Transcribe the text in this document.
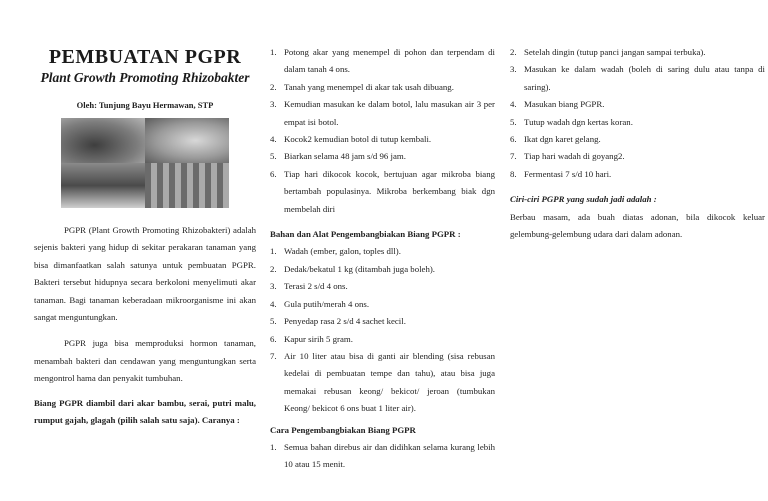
PEMBUATAN PGPR
Plant Growth Promoting Rhizobakter
Oleh: Tunjung Bayu Hermawan, STP

PGPR (Plant Growth Promoting Rhizobakteri) adalah sejenis bakteri yang hidup di sekitar perakaran tanaman yang bisa dimanfaatkan salah satunya untuk pembuatan PGPR. Bakteri tersebut hidupnya secara berkoloni menyelimuti akar tanaman. Bagi tanaman keberadaan mikroorganisme ini akan sangat menguntungkan.

PGPR juga bisa memproduksi hormon tanaman, menambah bakteri dan cendawan yang menguntungkan serta mengontrol hama dan penyakit tumbuhan.

Biang PGPR diambil dari akar bambu, serai, putri malu, rumput gajah, glagah (pilih salah satu saja). Caranya :

1. Potong akar yang menempel di pohon dan terpendam di dalam tanah 4 ons.
2. Tanah yang menempel di akar tak usah dibuang.
3. Kemudian masukan ke dalam botol, lalu masukan air 3 per empat isi botol.
4. Kocok2 kemudian botol di tutup kembali.
5. Biarkan selama 48 jam s/d 96 jam.
6. Tiap hari dikocok kocok, bertujuan agar mikroba biang bertambah populasinya. Mikroba berkembang biak dgn membelah diri
Bahan dan Alat Pengembangbiakan Biang PGPR :
1. Wadah (ember, galon, toples dll).
2. Dedak/bekatul 1 kg (ditambah juga boleh).
3. Terasi 2 s/d 4 ons.
4. Gula putih/merah 4 ons.
5. Penyedap rasa 2 s/d 4 sachet kecil.
6. Kapur sirih 5 gram.
7. Air 10 liter atau bisa di ganti air blending (sisa rebusan kedelai di pembuatan tempe dan tahu), atau bisa juga memakai rebusan keong/ bekicot/ jeroan (tumbukan Keong/ bekicot 6 ons buat 1 liter air).
Cara Pengembangbiakan Biang PGPR
1. Semua bahan direbus air dan didihkan selama kurang lebih 10 atau 15 menit.
2. Setelah dingin (tutup panci jangan sampai terbuka).
3. Masukan ke dalam wadah (boleh di saring dulu atau tanpa di saring).
4. Masukan biang PGPR.
5. Tutup wadah dgn kertas koran.
6. Ikat dgn karet gelang.
7. Tiap hari wadah di goyang2.
8. Fermentasi 7 s/d 10 hari.
Ciri-ciri PGPR yang sudah jadi adalah :

Berbau masam, ada buah diatas adonan, bila dikocok keluar gelembung-gelembung udara dari dalam adonan.
